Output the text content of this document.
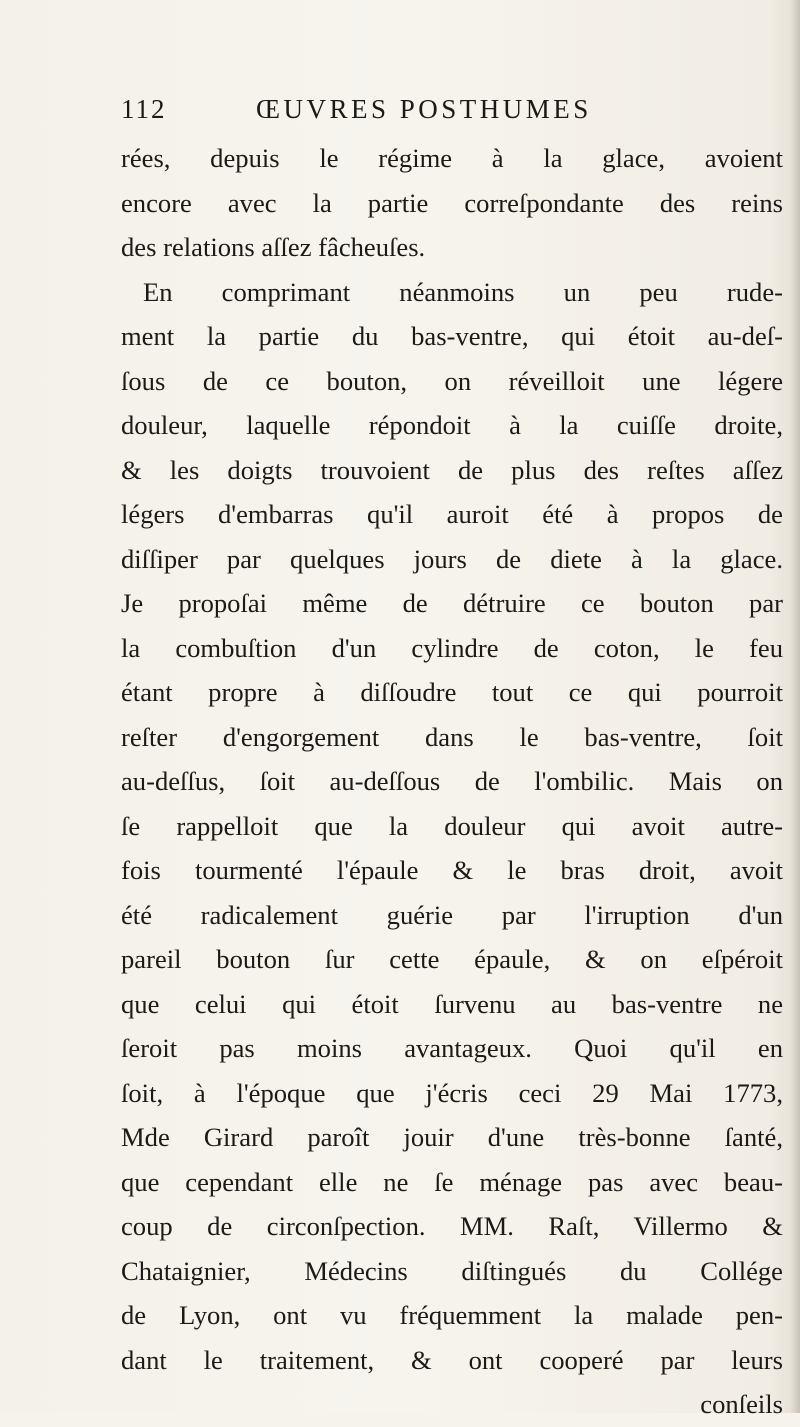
112	ŒUVRES POSTHUMES
rées, depuis le régime à la glace, avoient
encore avec la partie correſpondante des reins
des relations aſſez fâcheuſes.
En comprimant néanmoins un peu rude-
ment la partie du bas-ventre, qui étoit au-deſ-
ſous de ce bouton, on réveilloit une légere
douleur, laquelle répondoit à la cuiſſe droite,
& les doigts trouvoient de plus des reſtes aſſez
légers d'embarras qu'il auroit été à propos de
diſſiper par quelques jours de diete à la glace.
Je propoſai même de détruire ce bouton par
la combuſtion d'un cylindre de coton, le feu
étant propre à diſſoudre tout ce qui pourroit
reſter d'engorgement dans le bas-ventre, ſoit
au-deſſus, ſoit au-deſſous de l'ombilic. Mais on
ſe rappelloit que la douleur qui avoit autre-
fois tourmenté l'épaule & le bras droit, avoit
été radicalement guérie par l'irruption d'un
pareil bouton ſur cette épaule, & on eſpéroit
que celui qui étoit ſurvenu au bas-ventre ne
ſeroit pas moins avantageux. Quoi qu'il en
ſoit, à l'époque que j'écris ceci 29 Mai 1773,
Mde Girard paroît jouir d'une très-bonne ſanté,
que cependant elle ne ſe ménage pas avec beau-
coup de circonſpection. MM. Raſt, Villermo &
Chataignier, Médecins diſtingués du Collége
de Lyon, ont vu fréquemment la malade pen-
dant le traitement, & ont cooperé par leurs
conſeils
